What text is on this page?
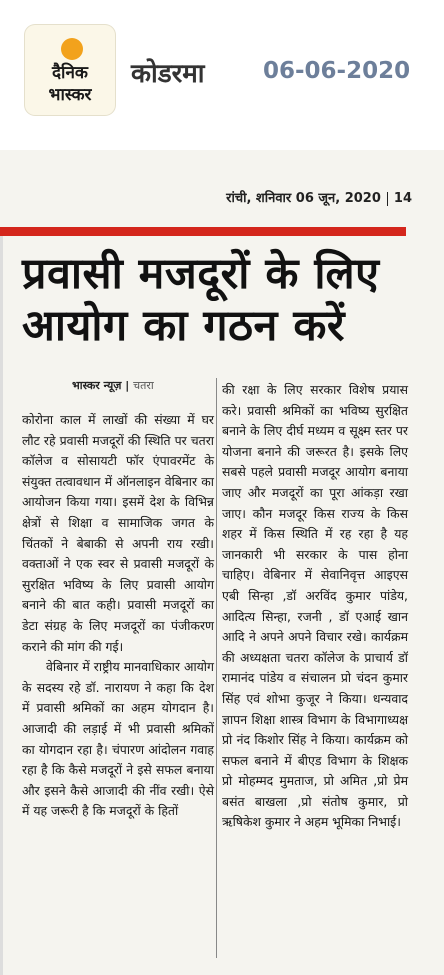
दैनिक
भास्कर
कोडरमा	06-06-2020
रांची, शनिवार 06 जून, 2020 14
प्रवासी मजदूरों के लिए आयोग का गठन करें
भास्कर न्यूज़ | चतरा

कोरोना काल में लाखों की संख्या में घर लौट रहे प्रवासी मजदूरों की स्थिति पर चतरा कॉलेज व सोसायटी फॉर एंपावरमेंट के संयुक्त तत्वावधान में ऑनलाइन वेबिनार का आयोजन किया गया। इसमें देश के विभिन्न क्षेत्रों से शिक्षा व सामाजिक जगत के चिंतकों ने बेबाकी से अपनी राय रखी। वक्ताओं ने एक स्वर से प्रवासी मजदूरों के सुरक्षित भविष्य के लिए प्रवासी आयोग बनाने की बात कही। प्रवासी मजदूरों का डेटा संग्रह के लिए मजदूरों का पंजीकरण कराने की मांग की गई।

वेबिनार में राष्ट्रीय मानवाधिकार आयोग के सदस्य रहे डॉ. नारायण ने कहा कि देश में प्रवासी श्रमिकों का अहम योगदान है। आजादी की लड़ाई में भी प्रवासी श्रमिकों का योगदान रहा है। चंपारण आंदोलन गवाह रहा है कि कैसे मजदूरों ने इसे सफल बनाया और इसने कैसे आजादी की नींव रखी। ऐसे में यह जरूरी है कि मजदूरों के हितों

की रक्षा के लिए सरकार विशेष प्रयास करे। प्रवासी श्रमिकों का भविष्य सुरक्षित बनाने के लिए दीर्घ मध्यम व सूक्ष्म स्तर पर योजना बनाने की जरूरत है। इसके लिए सबसे पहले प्रवासी मजदूर आयोग बनाया जाए और मजदूरों का पूरा आंकड़ा रखा जाए। कौन मजदूर किस राज्य के किस शहर में किस स्थिति में रह रहा है यह जानकारी भी सरकार के पास होना चाहिए। वेबिनार में सेवानिवृत्त आइएस एबी सिन्हा ,डॉ अरविंद कुमार पांडेय, आदित्य सिन्हा, रजनी , डॉ एआई खान आदि ने अपने अपने विचार रखे। कार्यक्रम की अध्यक्षता चतरा कॉलेज के प्राचार्य डॉ रामानंद पांडेय व संचालन प्रो चंदन कुमार सिंह एवं शोभा कुजूर ने किया। धन्यवाद ज्ञापन शिक्षा शास्त्र विभाग के विभागाध्यक्ष प्रो नंद किशोर सिंह ने किया। कार्यक्रम को सफल बनाने में बीएड विभाग के शिक्षक प्रो मोहम्मद मुमताज, प्रो अमित ,प्रो प्रेम बसंत बाखला ,प्रो संतोष कुमार, प्रो ऋषिकेश कुमार ने अहम भूमिका निभाई।
